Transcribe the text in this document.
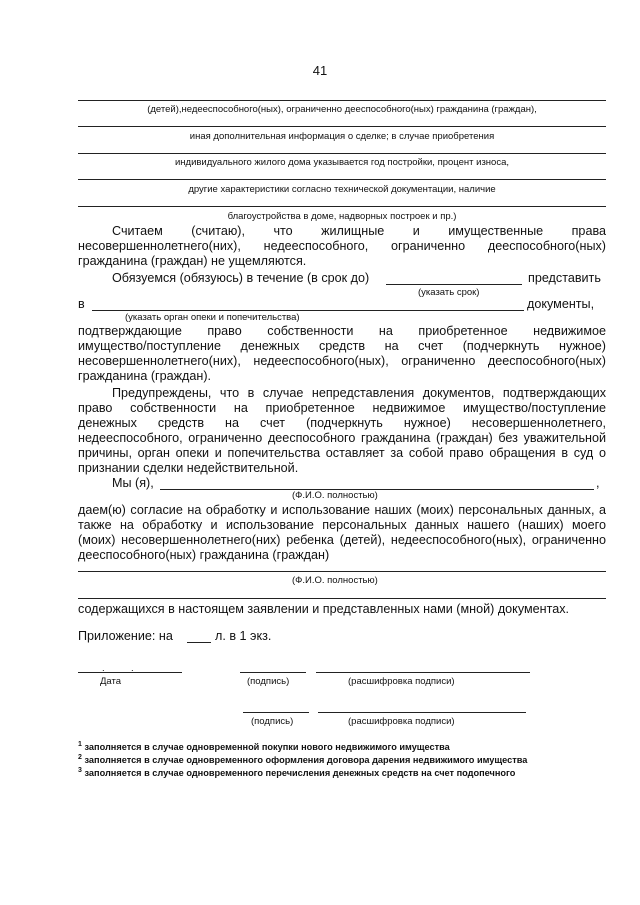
41
(детей),недееспособного(ных), ограниченно дееспособного(ных) гражданина (граждан),
иная дополнительная информация о сделке; в случае приобретения
индивидуального жилого дома указывается год постройки, процент износа,
другие характеристики согласно технической документации, наличие
благоустройства в доме, надворных построек и пр.)
Считаем (считаю), что жилищные и имущественные права
несовершеннолетнего(них), недееспособного, ограниченно дееспособного(ных)
гражданина (граждан) не ущемляются.
Обязуемся (обязуюсь) в течение (в срок до)	представить
(указать срок)
в	документы,
(указать орган опеки и попечительства)
подтверждающие право собственности на приобретенное недвижимое
имущество/поступление денежных средств на счет (подчеркнуть нужное)
несовершеннолетнего(них), недееспособного(ных), ограниченно дееспособного(ных)
гражданина (граждан).
Предупреждены, что в случае непредставления документов, подтверждающих
право собственности на приобретенное недвижимое имущество/поступление
денежных средств на счет (подчеркнуть нужное) несовершеннолетнего,
недееспособного, ограниченно дееспособного гражданина (граждан) без уважительной
причины, орган опеки и попечительства оставляет за собой право обращения в суд о
признании сделки недействительной.
Мы (я),	,
(Ф.И.О. полностью)
даем(ю) согласие на обработку и использование наших (моих) персональных данных, а
также на обработку и использование персональных данных нашего (наших) моего
(моих) несовершеннолетнего(них) ребенка (детей), недееспособного(ных), ограниченно
дееспособного(ных) гражданина (граждан)
(Ф.И.О. полностью)
содержащихся в настоящем заявлении и представленных нами (мной) документах.
Приложение: на	л. в 1 экз.
.          .
Дата	(подпись)	(расшифровка подписи)
(подпись)	(расшифровка подписи)
$^1$ заполняется в случае одновременной покупки нового недвижимого имущества
$^2$ заполняется в случае одновременного оформления договора дарения недвижимого имущества
$^3$ заполняется в случае одновременного перечисления денежных средств на счет подопечного
